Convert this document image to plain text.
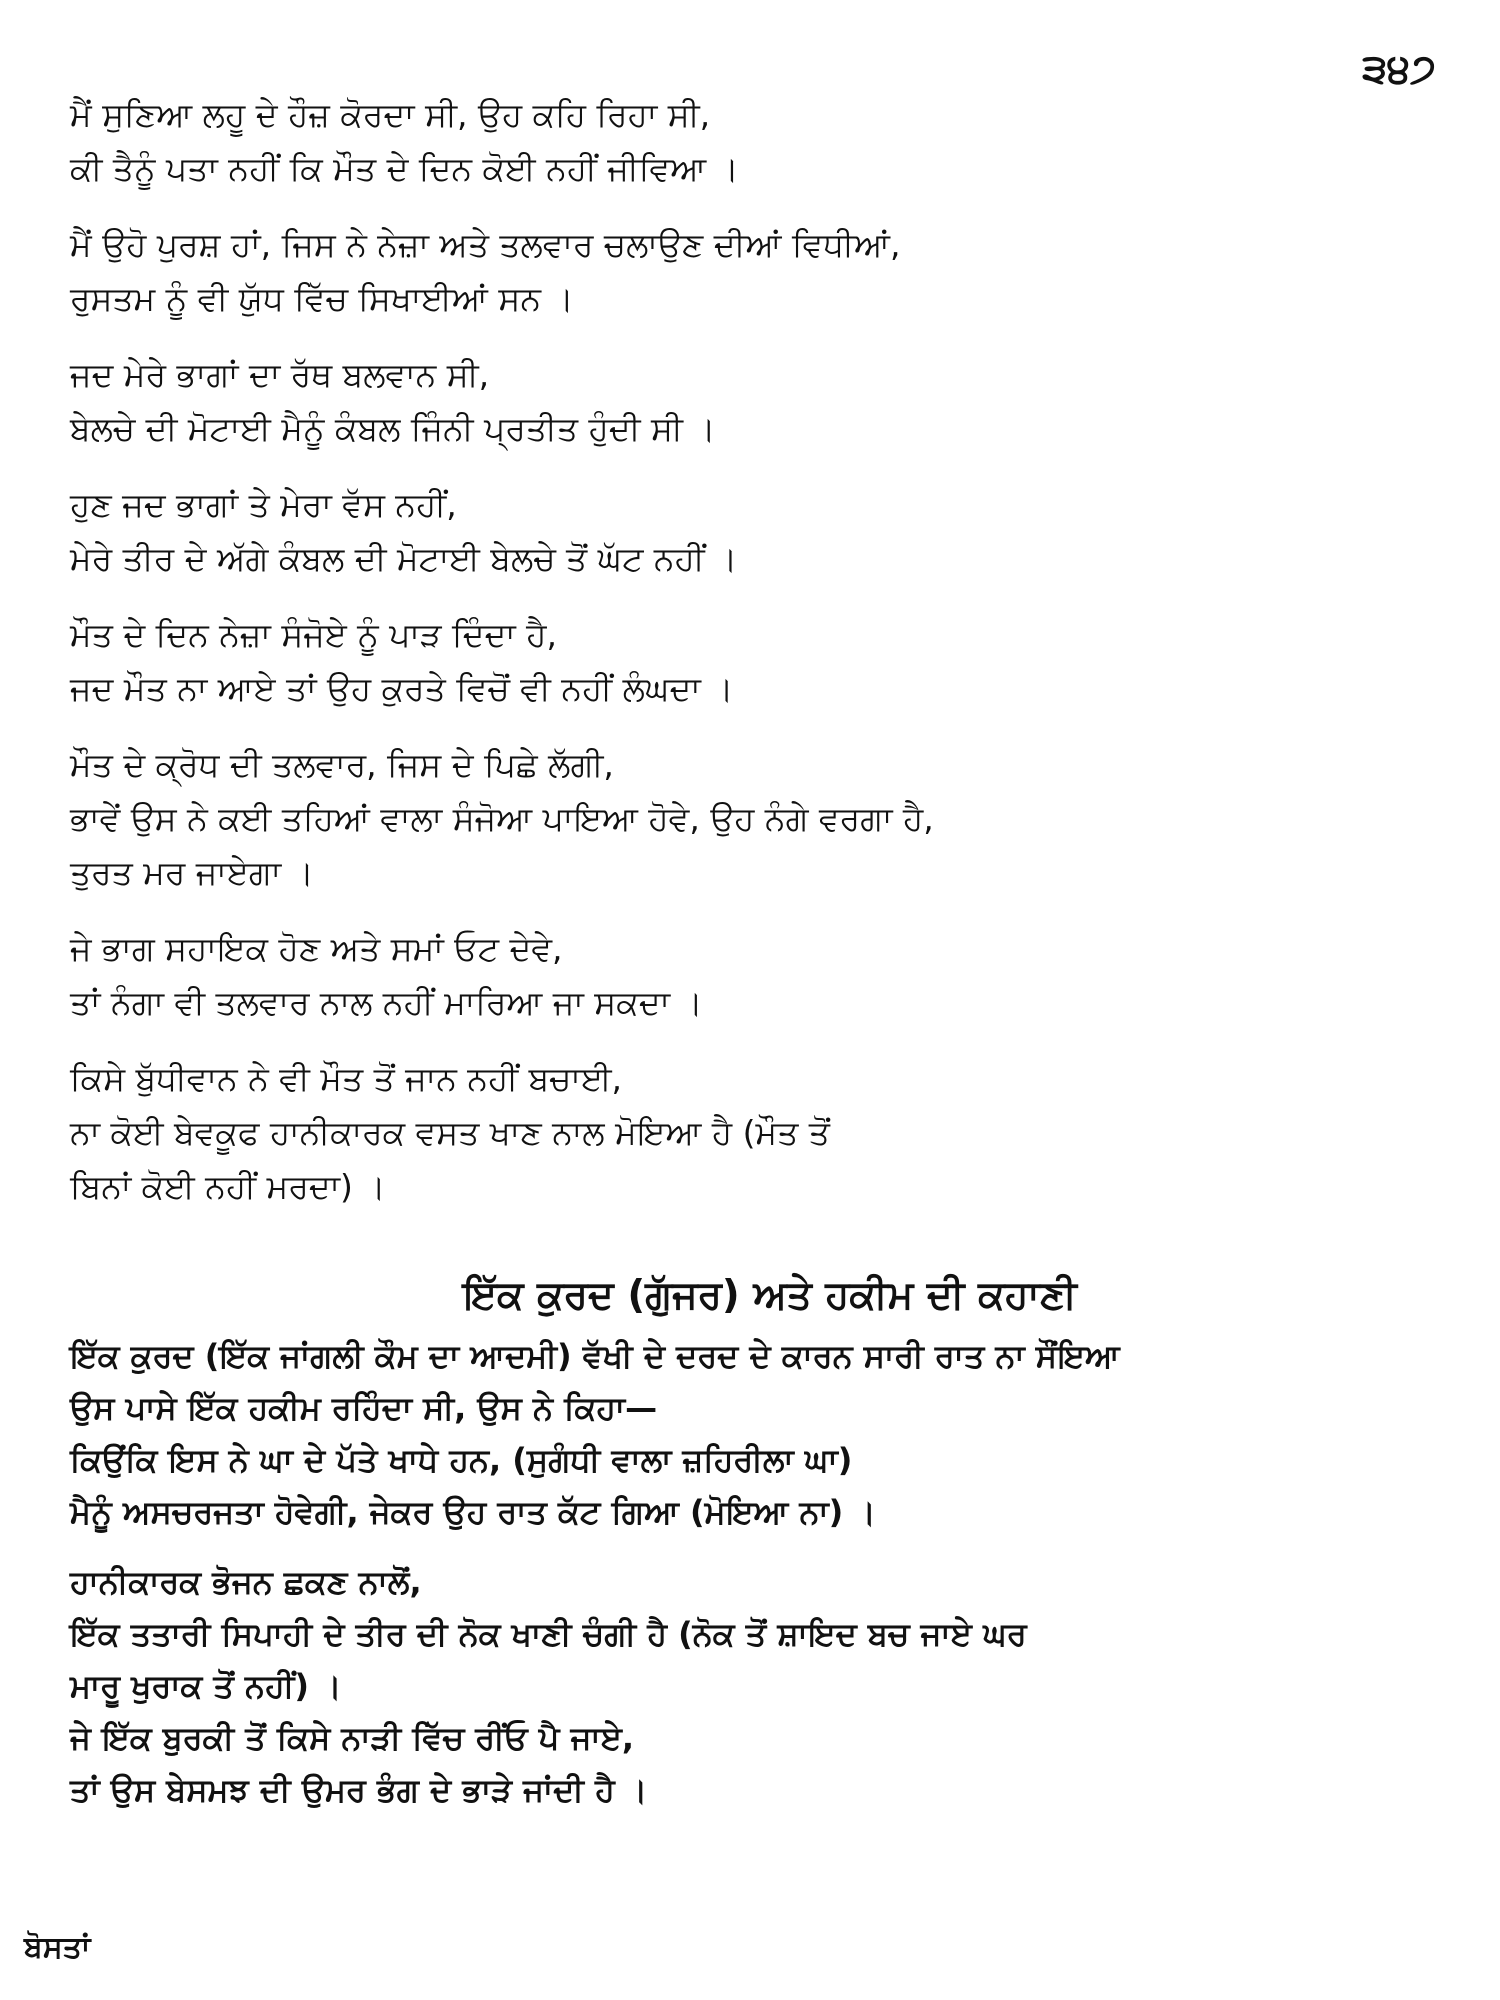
੩੪੭
ਮੈਂ ਸੁਣਿਆ ਲਹੂ ਦੇ ਹੌਜ਼ ਕੋਰਦਾ ਸੀ, ਉਹ ਕਹਿ ਰਿਹਾ ਸੀ,
ਕੀ ਤੈਨੂੰ ਪਤਾ ਨਹੀਂ ਕਿ ਮੌਤ ਦੇ ਦਿਨ ਕੋਈ ਨਹੀਂ ਜੀਵਿਆ ।
ਮੈਂ ਉਹੋ ਪੁਰਸ਼ ਹਾਂ, ਜਿਸ ਨੇ ਨੇਜ਼ਾ ਅਤੇ ਤਲਵਾਰ ਚਲਾਉਣ ਦੀਆਂ ਵਿਧੀਆਂ,
ਰੁਸਤਮ ਨੂੰ ਵੀ ਯੁੱਧ ਵਿੱਚ ਸਿਖਾਈਆਂ ਸਨ ।
ਜਦ ਮੇਰੇ ਭਾਗਾਂ ਦਾ ਰੱਥ ਬਲਵਾਨ ਸੀ,
ਬੇਲਚੇ ਦੀ ਮੋਟਾਈ ਮੈਨੂੰ ਕੰਬਲ ਜਿੰਨੀ ਪ੍ਰਤੀਤ ਹੁੰਦੀ ਸੀ ।
ਹੁਣ ਜਦ ਭਾਗਾਂ ਤੇ ਮੇਰਾ ਵੱਸ ਨਹੀਂ,
ਮੇਰੇ ਤੀਰ ਦੇ ਅੱਗੇ ਕੰਬਲ ਦੀ ਮੋਟਾਈ ਬੇਲਚੇ ਤੋਂ ਘੱਟ ਨਹੀਂ ।
ਮੌਤ ਦੇ ਦਿਨ ਨੇਜ਼ਾ ਸੰਜੋਏ ਨੂੰ ਪਾੜ ਦਿੰਦਾ ਹੈ,
ਜਦ ਮੌਤ ਨਾ ਆਏ ਤਾਂ ਉਹ ਕੁਰਤੇ ਵਿਚੋਂ ਵੀ ਨਹੀਂ ਲੰਘਦਾ ।
ਮੌਤ ਦੇ ਕ੍ਰੋਧ ਦੀ ਤਲਵਾਰ, ਜਿਸ ਦੇ ਪਿਛੇ ਲੱਗੀ,
ਭਾਵੇਂ ਉਸ ਨੇ ਕਈ ਤਹਿਆਂ ਵਾਲਾ ਸੰਜੋਆ ਪਾਇਆ ਹੋਵੇ, ਉਹ ਨੰਗੇ ਵਰਗਾ ਹੈ,
ਤੁਰਤ ਮਰ ਜਾਏਗਾ ।
ਜੇ ਭਾਗ ਸਹਾਇਕ ਹੋਣ ਅਤੇ ਸਮਾਂ ਓਟ ਦੇਵੇ,
ਤਾਂ ਨੰਗਾ ਵੀ ਤਲਵਾਰ ਨਾਲ ਨਹੀਂ ਮਾਰਿਆ ਜਾ ਸਕਦਾ ।
ਕਿਸੇ ਬੁੱਧੀਵਾਨ ਨੇ ਵੀ ਮੌਤ ਤੋਂ ਜਾਨ ਨਹੀਂ ਬਚਾਈ,
ਨਾ ਕੋਈ ਬੇਵਕੂਫ ਹਾਨੀਕਾਰਕ ਵਸਤ ਖਾਣ ਨਾਲ ਮੋਇਆ ਹੈ (ਮੌਤ ਤੋਂ
ਬਿਨਾਂ ਕੋਈ ਨਹੀਂ ਮਰਦਾ) ।
ਇੱਕ ਕੁਰਦ (ਗੁੱਜਰ) ਅਤੇ ਹਕੀਮ ਦੀ ਕਹਾਣੀ
ਇੱਕ ਕੁਰਦ (ਇੱਕ ਜਾਂਗਲੀ ਕੌਮ ਦਾ ਆਦਮੀ) ਵੱਖੀ ਦੇ ਦਰਦ ਦੇ ਕਾਰਨ ਸਾਰੀ ਰਾਤ ਨਾ ਸੌਂਇਆ
ਉਸ ਪਾਸੇ ਇੱਕ ਹਕੀਮ ਰਹਿੰਦਾ ਸੀ, ਉਸ ਨੇ ਕਿਹਾ—
ਕਿਉਂਕਿ ਇਸ ਨੇ ਘਾ ਦੇ ਪੱਤੇ ਖਾਧੇ ਹਨ, (ਸੁਗੰਧੀ ਵਾਲਾ ਜ਼ਹਿਰੀਲਾ ਘਾ)
ਮੈਨੂੰ ਅਸਚਰਜਤਾ ਹੋਵੇਗੀ, ਜੇਕਰ ਉਹ ਰਾਤ ਕੱਟ ਗਿਆ (ਮੋਇਆ ਨਾ) ।
ਹਾਨੀਕਾਰਕ ਭੋਜਨ ਛਕਣ ਨਾਲੋਂ,
ਇੱਕ ਤਤਾਰੀ ਸਿਪਾਹੀ ਦੇ ਤੀਰ ਦੀ ਨੋਕ ਖਾਣੀ ਚੰਗੀ ਹੈ (ਨੋਕ ਤੋਂ ਸ਼ਾਇਦ ਬਚ ਜਾਏ ਘਰ
ਮਾਰੂ ਖੁਰਾਕ ਤੋਂ ਨਹੀਂ) ।
ਜੇ ਇੱਕ ਬੁਰਕੀ ਤੋਂ ਕਿਸੇ ਨਾੜੀ ਵਿੱਚ ਰੀਂਓ ਪੈ ਜਾਏ,
ਤਾਂ ਉਸ ਬੇਸਮਝ ਦੀ ਉਮਰ ਭੰਗ ਦੇ ਭਾੜੇ ਜਾਂਦੀ ਹੈ ।
ਬੋਸਤਾਂ
